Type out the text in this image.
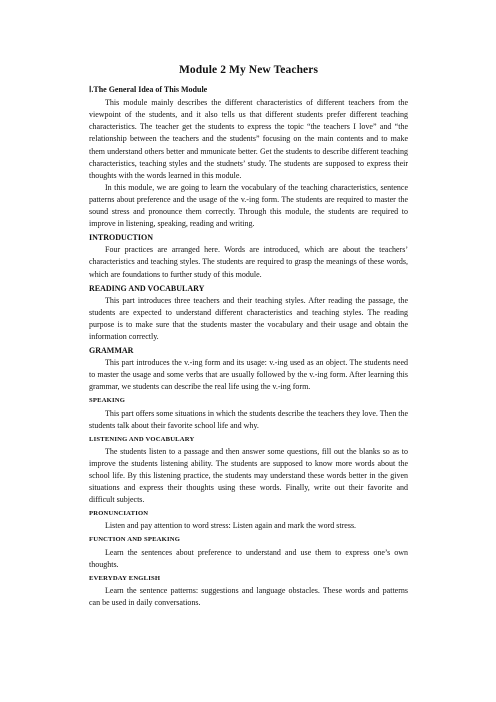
Module 2 My New Teachers
Ⅰ.The General Idea of This Module

This module mainly describes the different characteristics of different teachers from the viewpoint of the students, and it also tells us that different students prefer different teaching characteristics. The teacher get the students to express the topic “the teachers I love” and “the relationship between the teachers and the students” focusing on the main contents and to make them understand others better and mmunicate better. Get the students to describe different teaching characteristics, teaching styles and the studnets’ study. The students are supposed to express their thoughts with the words learned in this module.

In this module, we are going to learn the vocabulary of the teaching characteristics, sentence patterns about preference and the usage of the v.-ing form. The students are required to master the sound stress and pronounce them correctly. Through this module, the students are required to improve in listening, speaking, reading and writing.

INTRODUCTION

Four practices are arranged here. Words are introduced, which are about the teachers’ characteristics and teaching styles. The students are required to grasp the meanings of these words, which are foundations to further study of this module.

READING AND VOCABULARY

This part introduces three teachers and their teaching styles. After reading the passage, the students are expected to understand different characteristics and teaching styles. The reading purpose is to make sure that the students master the vocabulary and their usage and obtain the information correctly.

GRAMMAR

This part introduces the v.-ing form and its usage: v.-ing used as an object. The students need to master the usage and some verbs that are usually followed by the v.-ing form. After learning this grammar, we students can describe the real life using the v.-ing form.

SPEAKING

This part offers some situations in which the students describe the teachers they love. Then the students talk about their favorite school life and why.

LISTENING AND VOCABULARY

The students listen to a passage and then answer some questions, fill out the blanks so as to improve the students listening ability. The students are supposed to know more words about the school life. By this listening practice, the students may understand these words better in the given situations and express their thoughts using these words. Finally, write out their favorite and difficult subjects.

PRONUNCIATION

Listen and pay attention to word stress: Listen again and mark the word stress.

FUNCTION AND SPEAKING

Learn the sentences about preference to understand and use them to express one’s own thoughts.

EVERYDAY ENGLISH

Learn the sentence patterns: suggestions and language obstacles. These words and patterns can be used in daily conversations.
